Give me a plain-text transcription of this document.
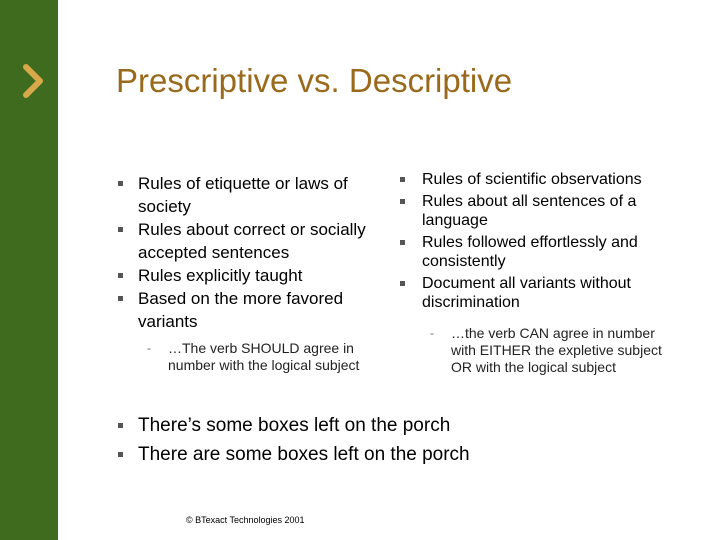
Prescriptive vs. Descriptive
Rules of etiquette or laws of society
Rules about correct or socially accepted sentences
Rules explicitly taught
Based on the more favored variants
- …The verb SHOULD agree in number with the logical subject
Rules of scientific observations
Rules about all sentences of a language
Rules followed effortlessly and consistently
Document all variants without discrimination
- …the verb CAN agree in number with EITHER the expletive subject OR with the logical subject
There’s some boxes left on the porch
There are some boxes left on the porch
© BTexact Technologies 2001
